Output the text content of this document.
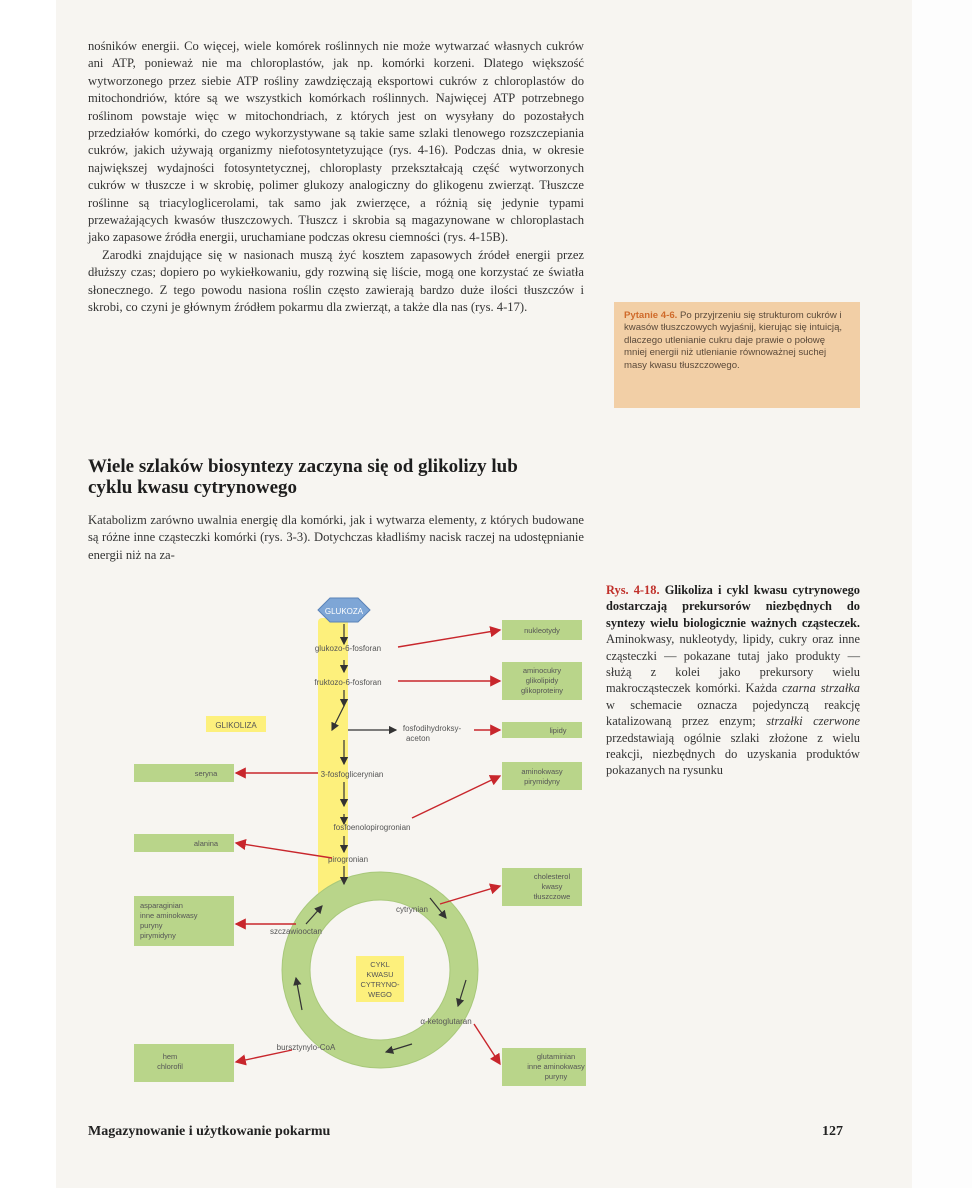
nośników energii. Co więcej, wiele komórek roślinnych nie może wytwarzać własnych cukrów ani ATP, ponieważ nie ma chloroplastów, jak np. komórki korzeni. Dlatego większość wytworzonego przez siebie ATP rośliny zawdzięczają eksportowi cukrów z chloroplastów do mitochondriów, które są we wszystkich komórkach roślinnych. Najwięcej ATP potrzebnego roślinom powstaje więc w mitochondriach, z których jest on wysyłany do pozostałych przedziałów komórki, do czego wykorzystywane są takie same szlaki tlenowego rozszczepiania cukrów, jakich używają organizmy niefotosyntetyzujące (rys. 4-16). Podczas dnia, w okresie największej wydajności fotosyntetycznej, chloroplasty przekształcają część wytworzonych cukrów w tłuszcze i w skrobię, polimer glukozy analogiczny do glikogenu zwierząt. Tłuszcze roślinne są triacyloglicerolami, tak samo jak zwierzęce, a różnią się jedynie typami przeważających kwasów tłuszczowych. Tłuszcz i skrobia są magazynowane w chloroplastach jako zapasowe źródła energii, uruchamiane podczas okresu ciemności (rys. 4-15B).

Zarodki znajdujące się w nasionach muszą żyć kosztem zapasowych źródeł energii przez dłuższy czas; dopiero po wykiełkowaniu, gdy rozwiną się liście, mogą one korzystać ze światła słonecznego. Z tego powodu nasiona roślin często zawierają bardzo duże ilości tłuszczów i skrobi, co czyni je głównym źródłem pokarmu dla zwierząt, a także dla nas (rys. 4-17).

Pytanie 4-6. Po przyjrzeniu się strukturom cukrów i kwasów tłuszczowych wyjaśnij, kierując się intuicją, dlaczego utlenianie cukru daje prawie o połowę mniej energii niż utlenianie równoważnej suchej masy kwasu tłuszczowego.
Wiele szlaków biosyntezy zaczyna się od glikolizy lub cyklu kwasu cytrynowego

Katabolizm zarówno uwalnia energię dla komórki, jak i wytwarza elementy, z których budowane są różne inne cząsteczki komórki (rys. 3-3). Dotychczas kładliśmy nacisk raczej na udostępnianie energii niż na za-

Rys. 4-18. Glikoliza i cykl kwasu cytrynowego dostarczają prekursorów niezbędnych do syntezy wielu biologicznie ważnych cząsteczek. Aminokwasy, nukleotydy, lipidy, cukry oraz inne cząsteczki — pokazane tutaj jako produkty — służą z kolei jako prekursory wielu makrocząsteczek komórki. Każda czarna strzałka w schemacie oznacza pojedynczą reakcję katalizowaną przez enzym; strzałki czerwone przedstawiają ogólnie szlaki złożone z wielu reakcji, niezbędnych do uzyskania produktów pokazanych na rysunku
GLUKOZA
GLIKOLIZA
glukozo-6-fosforan
fruktozo-6-fosforan
fosfodihydroksy-
aceton
3-fosfoglicerynian
fosfoenolopirogronian
pirogronian
cytrynian
szczawiooctan
α-ketoglutaran
bursztynylo-CoA
CYKL
KWASU
CYTRYNO-
WEGO
nukleotydy
aminocukry
glikolipidy
glikoproteiny
lipidy
aminokwasy
pirymidyny
seryna
alanina
cholesterol
kwasy
tłuszczowe
asparaginian
inne aminokwasy
puryny
pirymidyny
glutaminian
inne aminokwasy
puryny
hem
chlorofil
Magazynowanie i użytkowanie pokarmu	127
